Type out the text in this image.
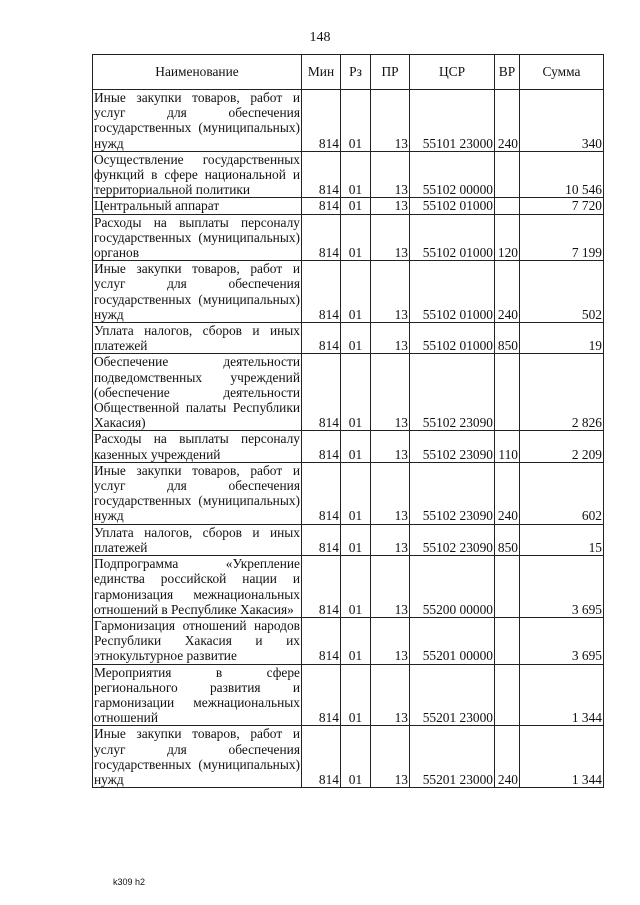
148
Наименование	Мин	Рз	ПР	ЦСР	ВР	Сумма
Иные закупки товаров, работ и услуг для обеспечения государственных (муниципальных) нужд	814	01	13	55101 23000	240	340
Осуществление государственных функций в сфере национальной и территориальной политики	814	01	13	55102 00000		10 546
Центральный аппарат	814	01	13	55102 01000		7 720
Расходы на выплаты персоналу государственных (муниципальных) органов	814	01	13	55102 01000	120	7 199
Иные закупки товаров, работ и услуг для обеспечения государственных (муниципальных) нужд	814	01	13	55102 01000	240	502
Уплата налогов, сборов и иных платежей	814	01	13	55102 01000	850	19
Обеспечение деятельности подведомственных учреждений (обеспечение деятельности Общественной палаты Республики Хакасия)	814	01	13	55102 23090		2 826
Расходы на выплаты персоналу казенных учреждений	814	01	13	55102 23090	110	2 209
Иные закупки товаров, работ и услуг для обеспечения государственных (муниципальных) нужд	814	01	13	55102 23090	240	602
Уплата налогов, сборов и иных платежей	814	01	13	55102 23090	850	15
Подпрограмма «Укрепление единства российской нации и гармонизация межнациональных отношений в Республике Хакасия»	814	01	13	55200 00000		3 695
Гармонизация отношений народов Республики Хакасия и их этнокультурное развитие	814	01	13	55201 00000		3 695
Мероприятия в сфере регионального развития и гармонизации межнациональных отношений	814	01	13	55201 23000		1 344
Иные закупки товаров, работ и услуг для обеспечения государственных (муниципальных) нужд	814	01	13	55201 23000	240	1 344
k309 h2
